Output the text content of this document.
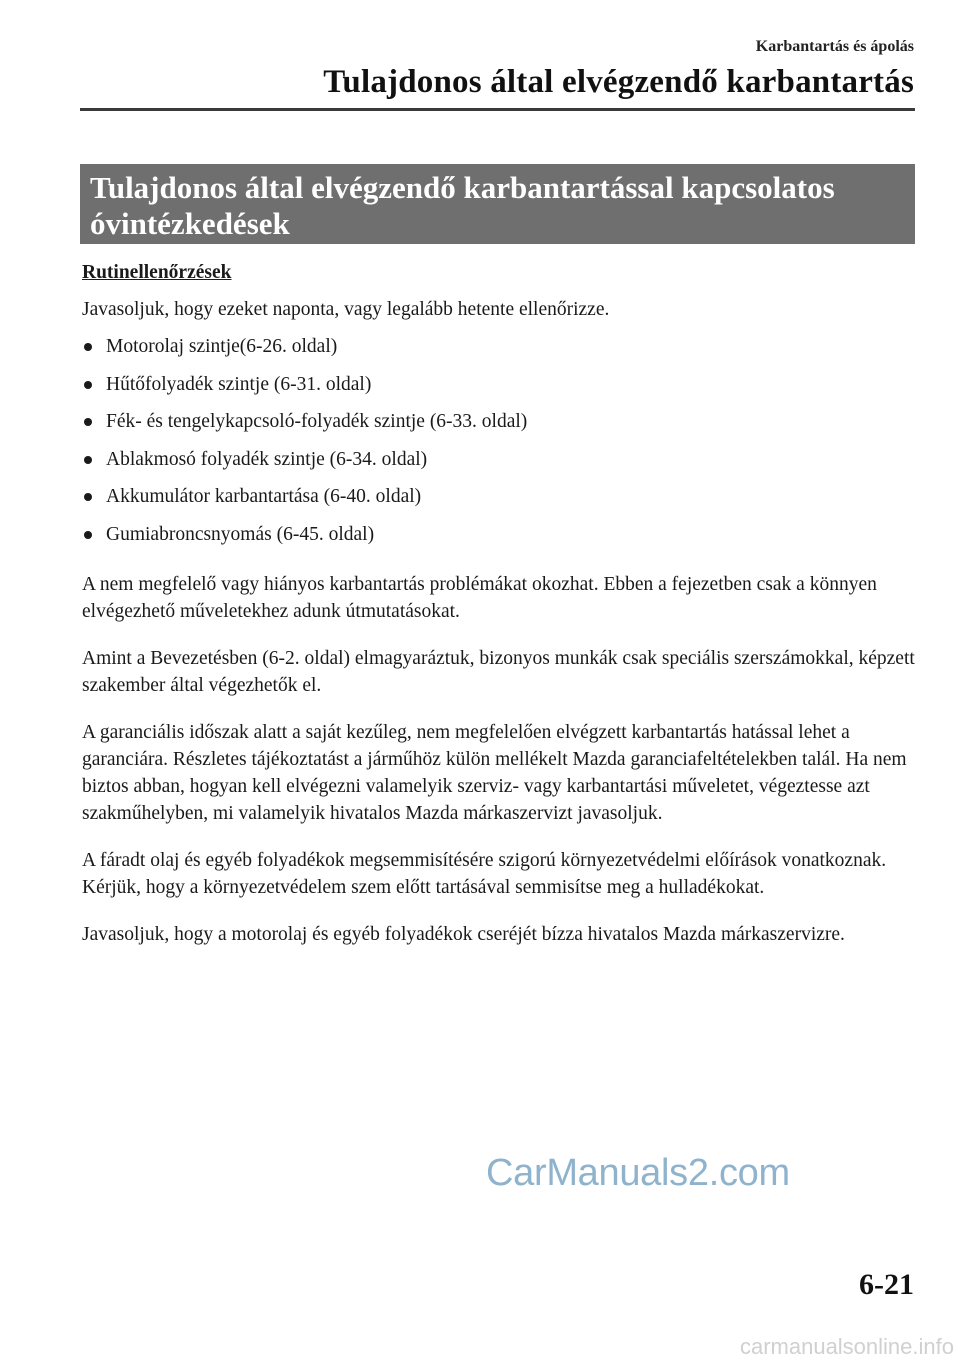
Karbantartás és ápolás
Tulajdonos által elvégzendő karbantartás
Tulajdonos által elvégzendő karbantartással kapcsolatos óvintézkedések
Rutinellenőrzések

Javasoljuk, hogy ezeket naponta, vagy legalább hetente ellenőrizze.

Motorolaj szintje(6-26. oldal)
Hűtőfolyadék szintje (6-31. oldal)
Fék- és tengelykapcsoló-folyadék szintje (6-33. oldal)
Ablakmosó folyadék szintje (6-34. oldal)
Akkumulátor karbantartása (6-40. oldal)
Gumiabroncsnyomás (6-45. oldal)

A nem megfelelő vagy hiányos karbantartás problémákat okozhat. Ebben a fejezetben csak a könnyen elvégezhető műveletekhez adunk útmutatásokat.

Amint a Bevezetésben (6-2. oldal) elmagyaráztuk, bizonyos munkák csak speciális szerszámokkal, képzett szakember által végezhetők el.

A garanciális időszak alatt a saját kezűleg, nem megfelelően elvégzett karbantartás hatással lehet a garanciára. Részletes tájékoztatást a járműhöz külön mellékelt Mazda garanciafeltételekben talál. Ha nem biztos abban, hogyan kell elvégezni valamelyik szerviz- vagy karbantartási műveletet, végeztesse azt szakműhelyben, mi valamelyik hivatalos Mazda márkaszervizt javasoljuk.

A fáradt olaj és egyéb folyadékok megsemmisítésére szigorú környezetvédelmi előírások vonatkoznak. Kérjük, hogy a környezetvédelem szem előtt tartásával semmisítse meg a hulladékokat.

Javasoljuk, hogy a motorolaj és egyéb folyadékok cseréjét bízza hivatalos Mazda márkaszervizre.

CarManuals2.com
6-21
carmanualsonline.info
